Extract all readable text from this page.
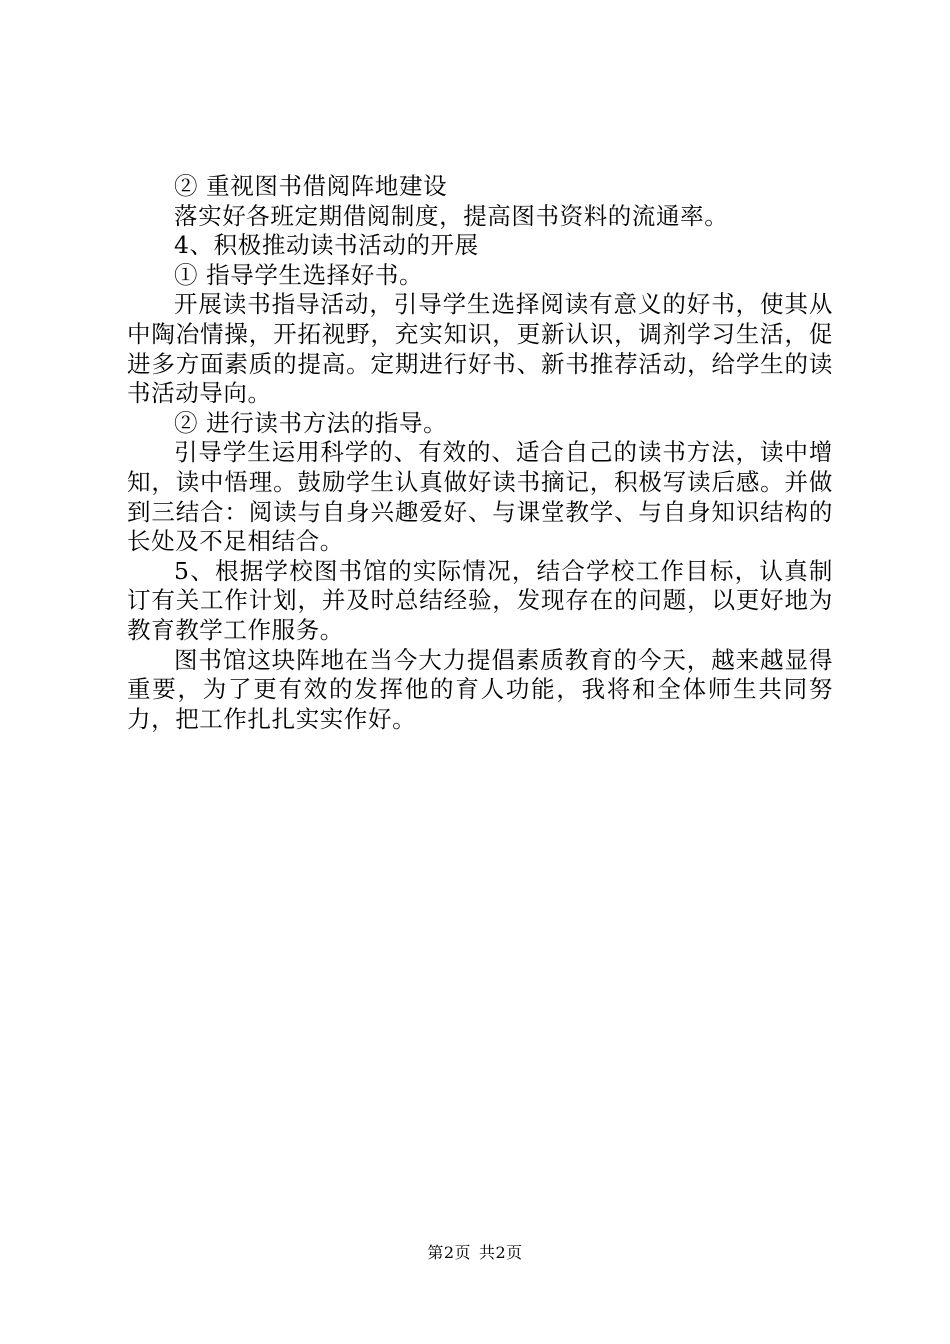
② 重视图书借阅阵地建设

落实好各班定期借阅制度，提高图书资料的流通率。

4、积极推动读书活动的开展

① 指导学生选择好书。

开展读书指导活动，引导学生选择阅读有意义的好书，使其从中陶冶情操，开拓视野，充实知识，更新认识，调剂学习生活，促进多方面素质的提高。定期进行好书、新书推荐活动，给学生的读书活动导向。

② 进行读书方法的指导。

引导学生运用科学的、有效的、适合自己的读书方法，读中增知，读中悟理。鼓励学生认真做好读书摘记，积极写读后感。并做到三结合：阅读与自身兴趣爱好、与课堂教学、与自身知识结构的长处及不足相结合。

5、根据学校图书馆的实际情况，结合学校工作目标，认真制订有关工作计划，并及时总结经验，发现存在的问题，以更好地为教育教学工作服务。

图书馆这块阵地在当今大力提倡素质教育的今天，越来越显得重要，为了更有效的发挥他的育人功能，我将和全体师生共同努力，把工作扎扎实实作好。

第2页 共2页
